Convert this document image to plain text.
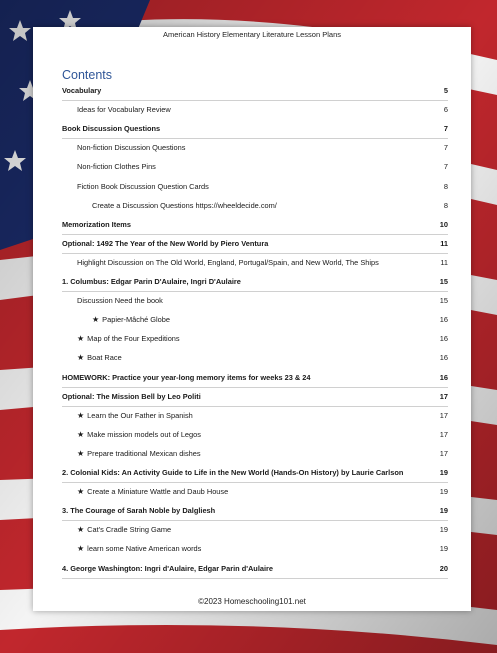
American History Elementary Literature Lesson Plans
Contents
Vocabulary	5
Ideas for Vocabulary Review	6
Book Discussion Questions	7
Non-fiction Discussion Questions	7
Non-fiction Clothes Pins	7
Fiction Book Discussion Question Cards	8
Create a Discussion Questions https://wheeldecide.com/	8
Memorization Items	10
Optional: 1492 The Year of the New World by Piero Ventura	11
Highlight Discussion on The Old World, England, Portugal/Spain, and New World, The Ships	11
1. Columbus: Edgar Parin D'Aulaire, Ingri D'Aulaire	15
Discussion Need the book	15
★ Papier-Mâché Globe	16
★ Map of the Four Expeditions	16
★ Boat Race	16
HOMEWORK: Practice your year-long memory items for weeks 23 & 24	16
Optional: The Mission Bell by Leo Politi	17
★ Learn the Our Father in Spanish	17
★ Make mission models out of Legos	17
★ Prepare traditional Mexican dishes	17
2. Colonial Kids: An Activity Guide to Life in the New World (Hands-On History) by Laurie Carlson	19
★ Create a Miniature Wattle and Daub House	19
3. The Courage of Sarah Noble by Dalgliesh	19
★ Cat's Cradle String Game	19
★ learn some Native American words	19
4. George Washington: Ingri d'Aulaire, Edgar Parin d'Aulaire	20
©2023 Homeschooling101.net
